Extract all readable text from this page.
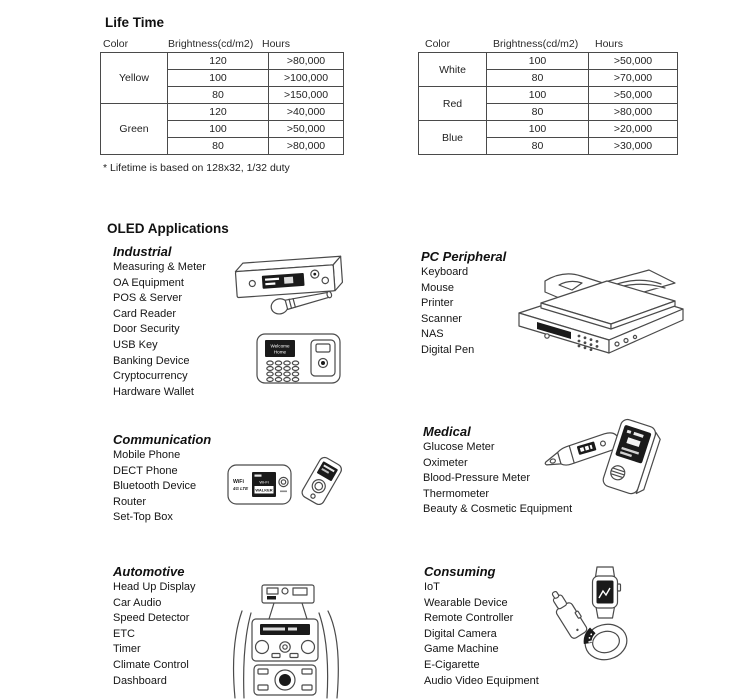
Life Time
Color	Brightness(cd/m2) Hours
Yellow	120	>80,000
	100	>100,000
	80	>150,000
Green	120	>40,000
	100	>50,000
	80	>80,000
Color	Brightness(cd/m2) Hours
White	100	>50,000
	80	>70,000
Red	100	>50,000
	80	>80,000
Blue	100	>20,000
	80	>30,000
* Lifetime is based on 128x32, 1/32 duty
OLED Applications
Industrial
Measuring & Meter
OA Equipment
POS & Server
Card Reader
Door Security
USB Key
Banking Device
Cryptocurrency
Hardware Wallet
PC Peripheral
Keyboard
Mouse
Printer
Scanner
NAS
Digital Pen
Communication
Mobile Phone
DECT Phone
Bluetooth Device
Router
Set-Top Box
Medical
Glucose Meter
Oximeter
Blood-Pressure Meter
Thermometer
Beauty & Cosmetic Equipment
Automotive
Head Up Display
Car Audio
Speed Detector
ETC
Timer
Climate Control
Dashboard
Consuming
IoT
Wearable Device
Remote Controller
Digital Camera
Game Machine
E-Cigarette
Audio Video Equipment
Welcome
Home
WiFi
4G LTE
Wi-Fi
WALKER
